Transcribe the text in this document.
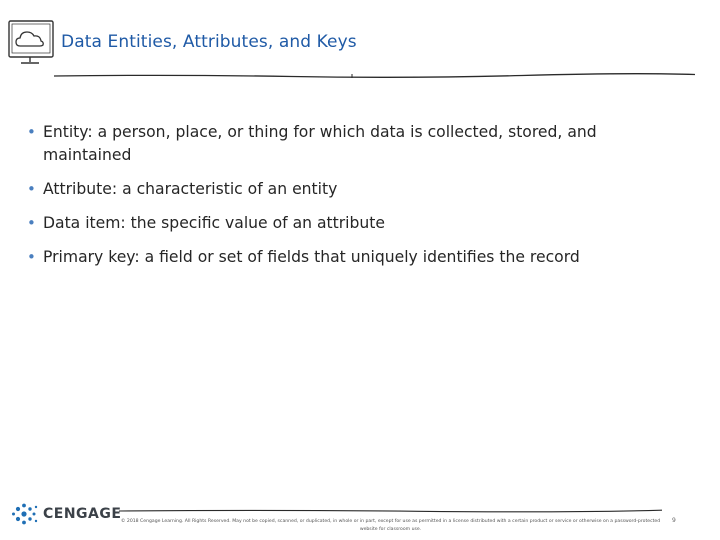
Data Entities, Attributes, and Keys
• Entity: a person, place, or thing for which data is collected, stored, and maintained
• Attribute: a characteristic of an entity
• Data item: the specific value of an attribute
• Primary key: a field or set of fields that uniquely identifies the record
CENGAGE © 2018 Cengage Learning. All Rights Reserved. May not be copied, scanned, or duplicated, in whole or in part, except for use as permitted in a license distributed with a certain product or service or otherwise on a password-protected website for classroom use.
9
